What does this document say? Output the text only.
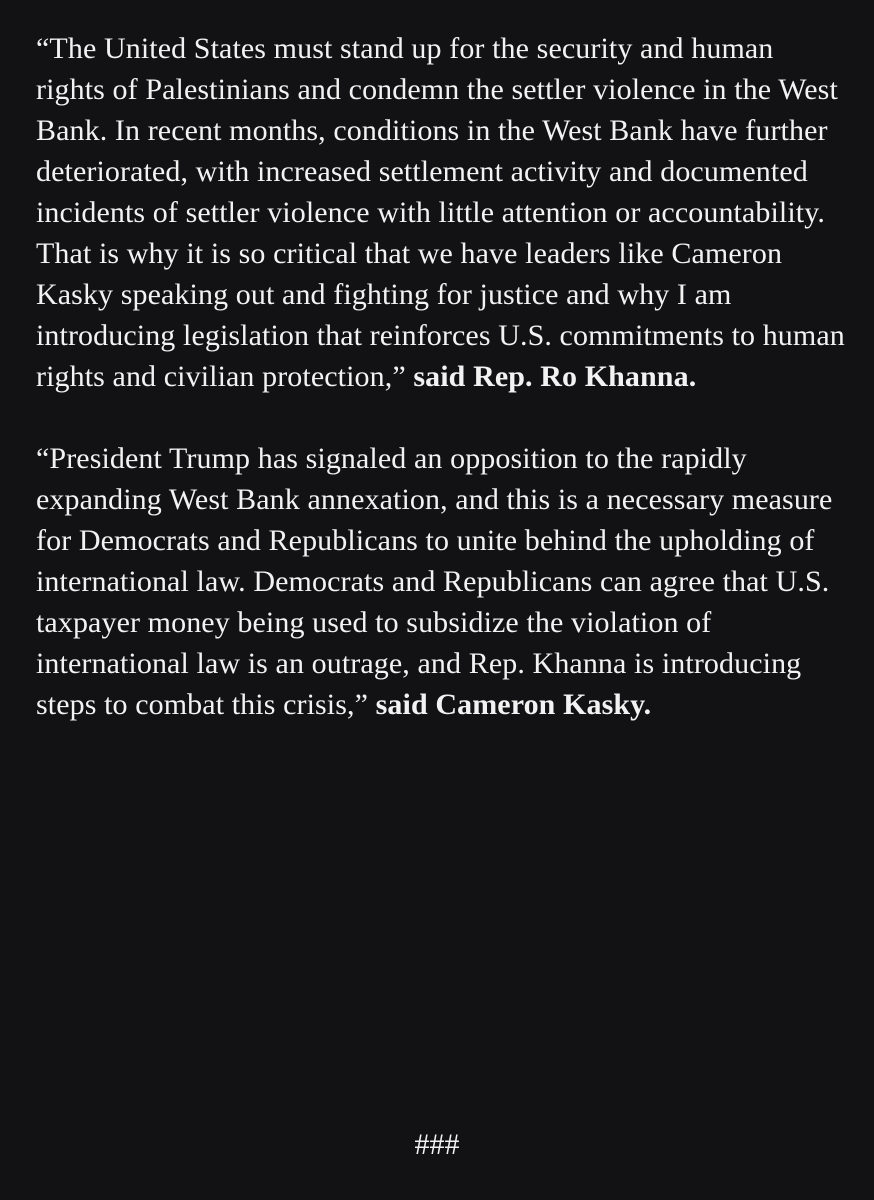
“The United States must stand up for the security and human rights of Palestinians and condemn the settler violence in the West Bank. In recent months, conditions in the West Bank have further deteriorated, with increased settlement activity and documented incidents of settler violence with little attention or accountability. That is why it is so critical that we have leaders like Cameron Kasky speaking out and fighting for justice and why I am introducing legislation that reinforces U.S. commitments to human rights and civilian protection,” said Rep. Ro Khanna.

“President Trump has signaled an opposition to the rapidly expanding West Bank annexation, and this is a necessary measure for Democrats and Republicans to unite behind the upholding of international law. Democrats and Republicans can agree that U.S. taxpayer money being used to subsidize the violation of international law is an outrage, and Rep. Khanna is introducing steps to combat this crisis,” said Cameron Kasky.

###
